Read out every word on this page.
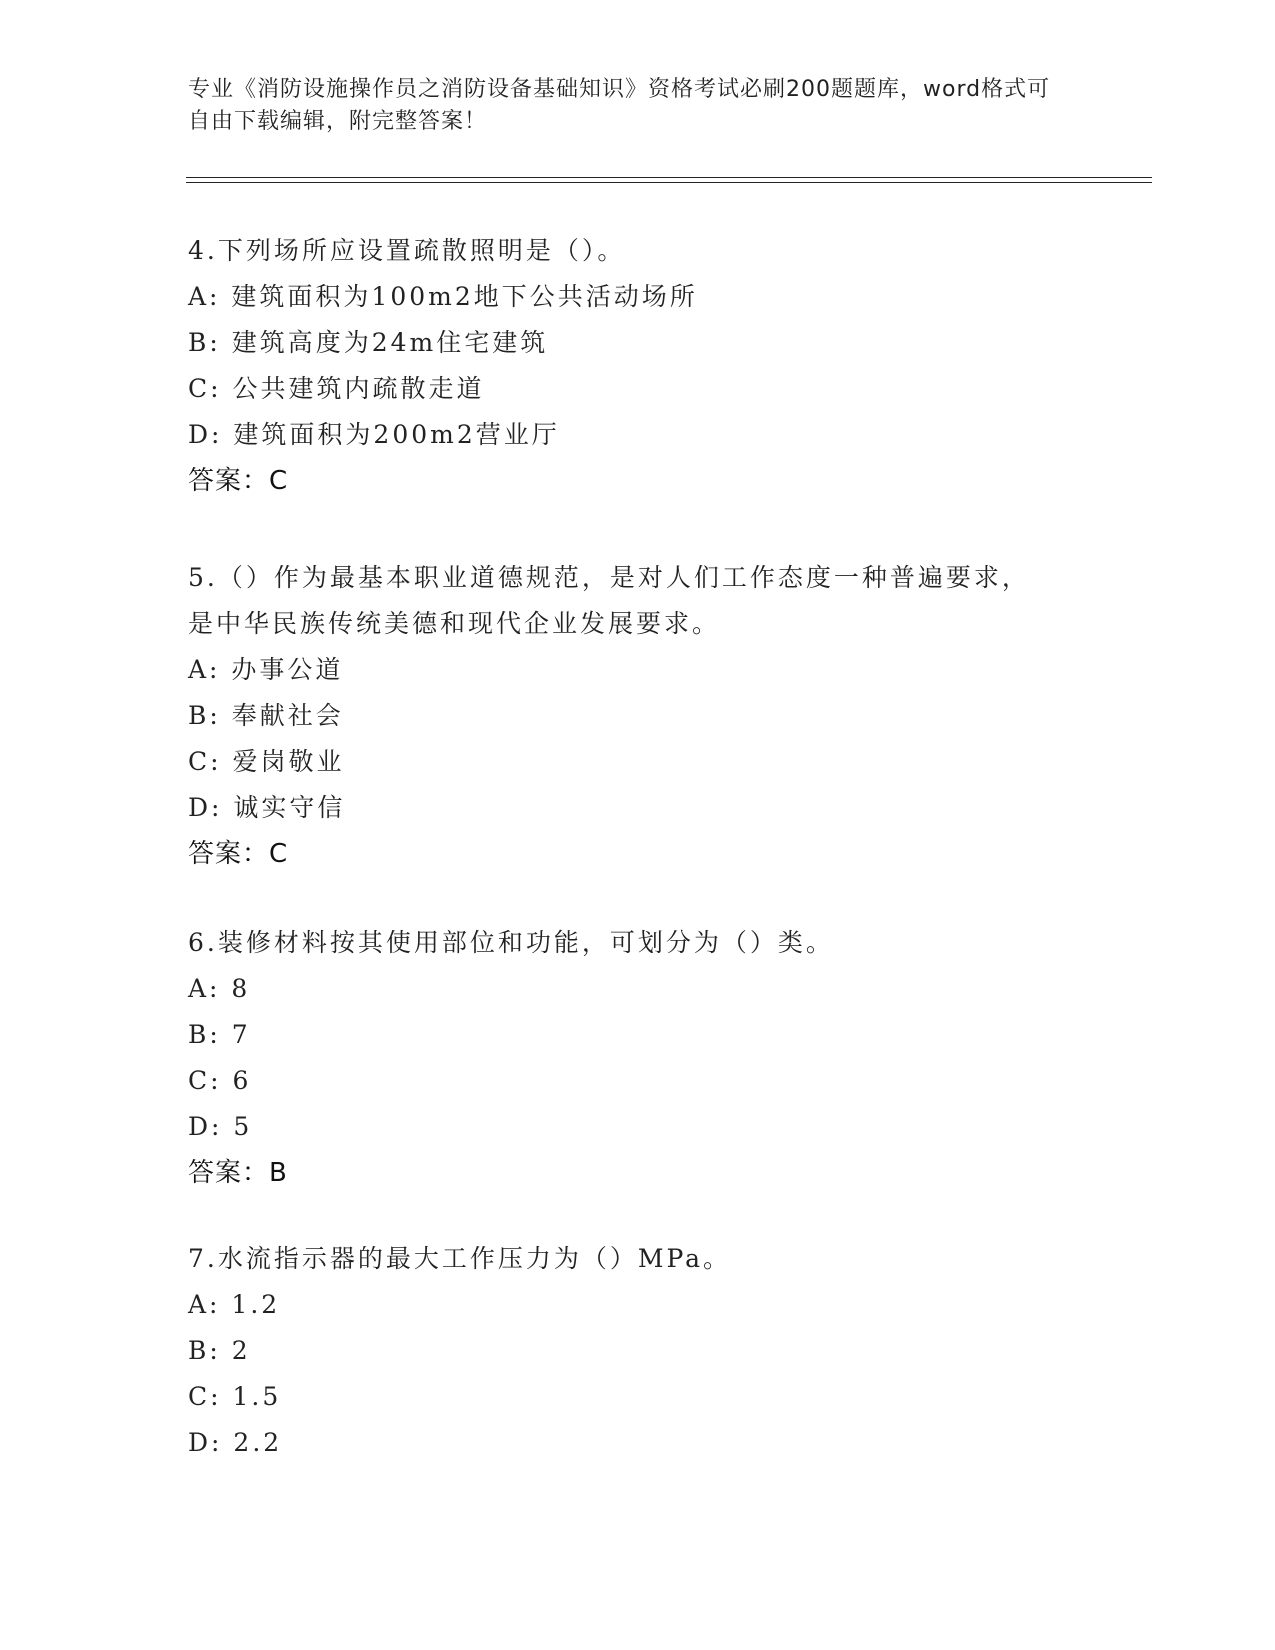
专业《消防设施操作员之消防设备基础知识》资格考试必刷200题题库，word格式可自由下载编辑，附完整答案！

4.下列场所应设置疏散照明是（）。

A: 建筑面积为100m2地下公共活动场所

B: 建筑高度为24m住宅建筑

C: 公共建筑内疏散走道

D: 建筑面积为200m2营业厅

答案：C

5.（）作为最基本职业道德规范，是对人们工作态度一种普遍要求，是中华民族传统美德和现代企业发展要求。

A: 办事公道

B: 奉献社会

C: 爱岗敬业

D: 诚实守信

答案：C

6.装修材料按其使用部位和功能，可划分为（）类。

A: 8

B: 7

C: 6

D: 5

答案：B

7.水流指示器的最大工作压力为（）MPa。

A: 1.2

B: 2

C: 1.5

D: 2.2
